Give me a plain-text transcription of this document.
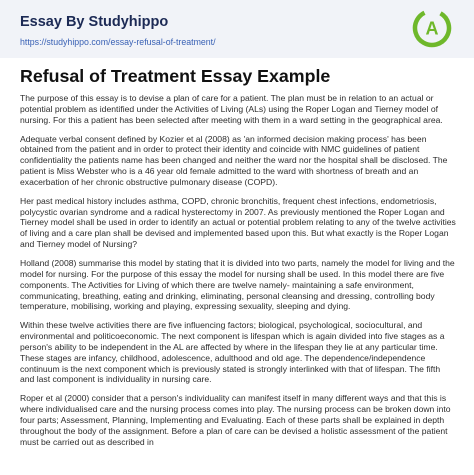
Essay By Studyhippo
https://studyhippo.com/essay-refusal-of-treatment/
A
Refusal of Treatment Essay Example

The purpose of this essay is to devise a plan of care for a patient. The plan must be in relation to an actual or potential problem as identified under the Activities of Living (ALs) using the Roper Logan and Tierney model of nursing. For this a patient has been selected after meeting with them in a ward setting in the geographical area.

Adequate verbal consent defined by Kozier et al (2008) as 'an informed decision making process' has been obtained from the patient and in order to protect their identity and coincide with NMC guidelines of patient confidentiality the patients name has been changed and neither the ward nor the hospital shall be disclosed. The patient is Miss Webster who is a 46 year old female admitted to the ward with shortness of breath and an exacerbation of her chronic obstructive pulmonary disease (COPD).

Her past medical history includes asthma, COPD, chronic bronchitis, frequent chest infections, endometriosis, polycystic ovarian syndrome and a radical hysterectomy in 2007. As previously mentioned the Roper Logan and Tierney model shall be used in order to identify an actual or potential problem relating to any of the twelve activities of living and a care plan shall be devised and implemented based upon this. But what exactly is the Roper Logan and Tierney model of Nursing?

Holland (2008) summarise this model by stating that it is divided into two parts, namely the model for living and the model for nursing. For the purpose of this essay the model for nursing shall be used. In this model there are five components. The Activities for Living of which there are twelve namely- maintaining a safe environment, communicating, breathing, eating and drinking, eliminating, personal cleansing and dressing, controlling body temperature, mobilising, working and playing, expressing sexuality, sleeping and dying.

Within these twelve activities there are five influencing factors; biological, psychological, sociocultural, and environmental and politicoeconomic. The next component is lifespan which is again divided into five stages as a person's ability to be independent in the AL are affected by where in the lifespan they lie at any particular time. These stages are infancy, childhood, adolescence, adulthood and old age. The dependence/independence continuum is the next component which is previously stated is strongly interlinked with that of lifespan. The fifth and last component is individuality in nursing care.

Roper et al (2000) consider that a person's individuality can manifest itself in many different ways and that this is where individualised care and the nursing process comes into play. The nursing process can be broken down into four parts; Assessment, Planning, Implementing and Evaluating. Each of these parts shall be explained in depth throughout the body of the assignment. Before a plan of care can be devised a holistic assessment of the patient must be carried out as described in
